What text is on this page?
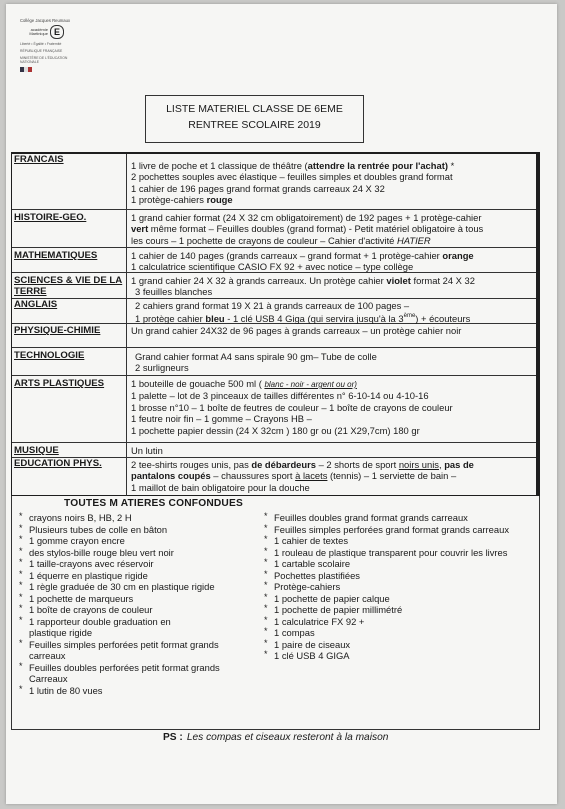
Collège Jacques Reumaux
académie Martinique E
Liberté • Égalité • Fraternité
RÉPUBLIQUE FRANÇAISE
MINISTÈRE DE L'ÉDUCATION NATIONALE
LISTE MATERIEL CLASSE DE 6EME
RENTREE SCOLAIRE 2019
FRANCAIS
1 livre de poche et 1 classique de théâtre (attendre la rentrée pour l'achat) *
2 pochettes souples avec élastique – feuilles simples et doubles grand format
1 cahier de 196 pages grand format grands carreaux 24 X 32
1 protège-cahiers rouge
HISTOIRE-GEO.	1 grand cahier format (24 X 32 cm obligatoirement) de 192 pages + 1 protège-cahier
vert même format – Feuilles doubles (grand format) - Petit matériel obligatoire à tous
les cours – 1 pochette de crayons de couleur – Cahier d'activité HATIER
MATHEMATIQUES	1 cahier de 140 pages (grands carreaux – grand format + 1 protège-cahier orange
1 calculatrice scientifique CASIO FX 92 + avec notice – type collège
SCIENCES & VIE DE LA TERRE
1 grand cahier 24 X 32 à grands carreaux. Un protège cahier violet format 24 X 32
3 feuilles blanches
ANGLAIS	2 cahiers grand format 19 X 21 à grands carreaux de 100 pages –
1 protège cahier bleu - 1 clé USB 4 Giga (qui servira jusqu'à la 3ème) + écouteurs
PHYSIQUE-CHIMIE	Un grand cahier 24X32 de 96 pages à grands carreaux – un protège cahier noir
TECHNOLOGIE	Grand cahier format A4 sans spirale 90 gm– Tube de colle
2 surligneurs
ARTS PLASTIQUES	1 bouteille de gouache 500 ml ( blanc - noir - argent ou or)
1 palette – lot de 3 pinceaux de tailles différentes n° 6-10-14 ou 4-10-16
1 brosse n°10 – 1 boîte de feutres de couleur – 1 boîte de crayons de couleur
1 feutre noir fin – 1 gomme – Crayons HB –
1 pochette papier dessin (24 X 32cm ) 180 gr ou (21 X29,7cm) 180 gr
MUSIQUE	Un lutin
EDUCATION PHYS.	2 tee-shirts rouges unis, pas de débardeurs – 2 shorts de sport noirs unis, pas de
pantalons coupés – chaussures sport à lacets (tennis) – 1 serviette de bain –
1 maillot de bain obligatoire pour la douche
TOUTES M ATIERES CONFONDUES
* crayons noirs B, HB, 2 H
* Plusieurs tubes de colle en bâton
* 1 gomme crayon encre
* des stylos-bille rouge bleu vert noir
* 1 taille-crayons avec réservoir
* 1 équerre en plastique rigide
* 1 règle graduée de 30 cm en plastique rigide
* 1 pochette de marqueurs
* 1 boîte de crayons de couleur
* 1 rapporteur double graduation en plastique rigide
* Feuilles simples perforées petit format grands carreaux
* Feuilles doubles perforées petit format grands Carreaux
* 1 lutin de 80 vues
* Feuilles doubles grand format grands carreaux
* Feuilles simples perforées grand format grands carreaux
* 1 cahier de textes
* 1 rouleau de plastique transparent pour couvrir les livres
* 1 cartable scolaire
* Pochettes plastifiées
* Protège-cahiers
* 1 pochette de papier calque
* 1 pochette de papier millimétré
* 1 calculatrice FX 92 +
* 1 compas
* 1 paire de ciseaux
* 1 clé USB 4 GIGA
PS : Les compas et ciseaux resteront à la maison
